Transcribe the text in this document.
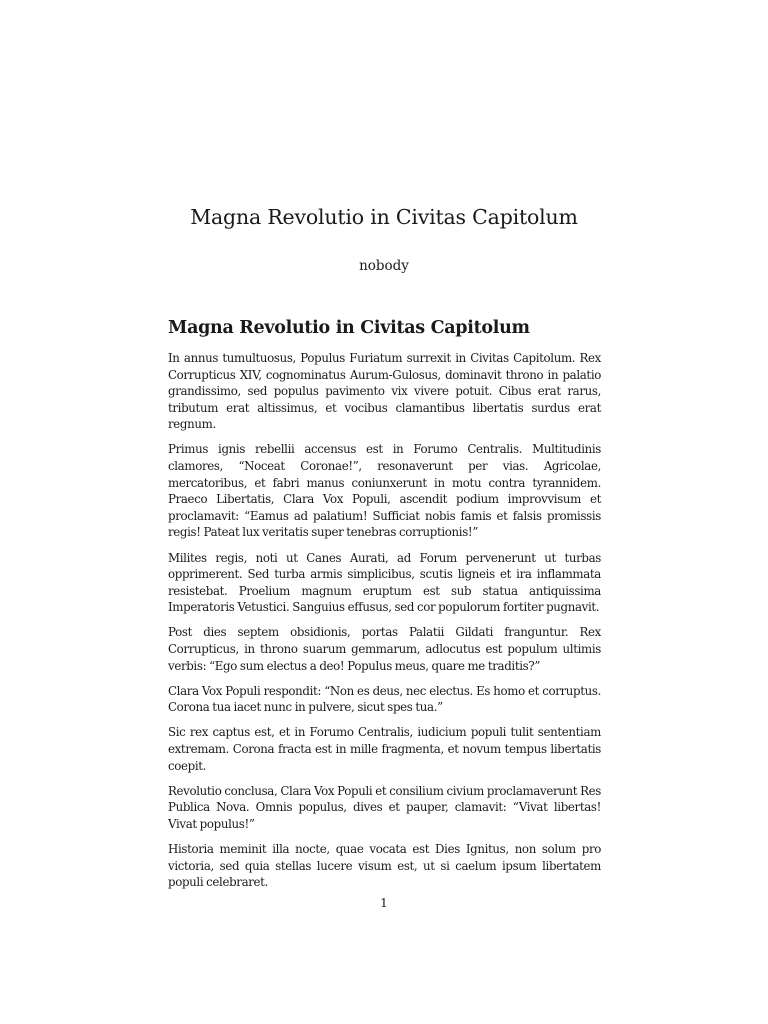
Magna Revolutio in Civitas Capitolum
nobody
Magna Revolutio in Civitas Capitolum

In annus tumultuosus, Populus Furiatum surrexit in Civitas Capitolum. Rex Corrupticus XIV, cognominatus Aurum-Gulosus, dominavit throno in palatio grandissimo, sed populus pavimento vix vivere potuit. Cibus erat rarus, tributum erat altissimus, et vocibus clamantibus libertatis surdus erat regnum.

Primus ignis rebellii accensus est in Forumo Centralis. Multitudinis clamores, “Noceat Coronae!”, resonaverunt per vias. Agricolae, mercatoribus, et fabri manus coniunxerunt in motu contra tyrannidem. Praeco Libertatis, Clara Vox Populi, ascendit podium improvvisum et proclamavit: “Eamus ad palatium! Sufficiat nobis famis et falsis promissis regis! Pateat lux veritatis super tenebras corruptionis!”

Milites regis, noti ut Canes Aurati, ad Forum pervenerunt ut turbas opprimerent. Sed turba armis simplicibus, scutis ligneis et ira inflammata resistebat. Proelium magnum eruptum est sub statua antiquissima Imperatoris Vetustici. Sanguius effusus, sed cor populorum fortiter pugnavit.

Post dies septem obsidionis, portas Palatii Gildati franguntur. Rex Corrupticus, in throno suarum gemmarum, adlocutus est populum ultimis verbis: “Ego sum electus a deo! Populus meus, quare me traditis?”

Clara Vox Populi respondit: “Non es deus, nec electus. Es homo et corruptus. Corona tua iacet nunc in pulvere, sicut spes tua.”

Sic rex captus est, et in Forumo Centralis, iudicium populi tulit sententiam extremam. Corona fracta est in mille fragmenta, et novum tempus libertatis coepit.

Revolutio conclusa, Clara Vox Populi et consilium civium proclamaverunt Res Publica Nova. Omnis populus, dives et pauper, clamavit: “Vivat libertas! Vivat populus!”

Historia meminit illa nocte, quae vocata est Dies Ignitus, non solum pro victoria, sed quia stellas lucere visum est, ut si caelum ipsum libertatem populi celebraret.

1
